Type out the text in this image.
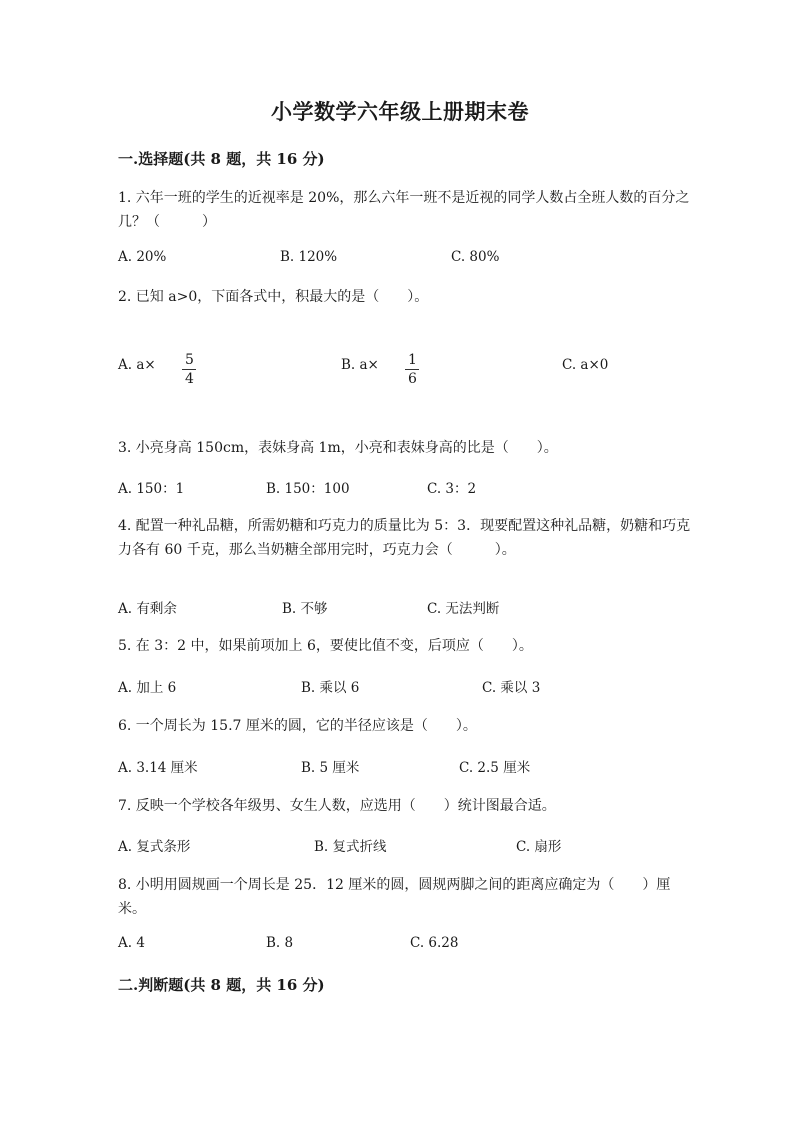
小学数学六年级上册期末卷
一.选择题(共 8 题，共 16 分)
1. 六年一班的学生的近视率是 20%，那么六年一班不是近视的同学人数占全班人数的百分之几？（　　　）
A. 20%	B. 120%	C. 80%
2. 已知 a>0，下面各式中，积最大的是（　　）。
A. a× 5
4
B. a× 1
6
C. a×0
3. 小亮身高 150cm，表妹身高 1m，小亮和表妹身高的比是（　　）。
A. 150：1	B. 150：100	C. 3：2
4. 配置一种礼品糖，所需奶糖和巧克力的质量比为 5：3．现要配置这种礼品糖，奶糖和巧克力各有 60 千克，那么当奶糖全部用完时，巧克力会（　　　）。
A. 有剩余	B. 不够	C. 无法判断
5. 在 3：2 中，如果前项加上 6，要使比值不变，后项应（　　）。
A. 加上 6	B. 乘以 6	C. 乘以 3
6. 一个周长为 15.7 厘米的圆，它的半径应该是（　　）。
A. 3.14 厘米	B. 5 厘米	C. 2.5 厘米
7. 反映一个学校各年级男、女生人数，应选用（　　）统计图最合适。
A. 复式条形	B. 复式折线	C. 扇形
8. 小明用圆规画一个周长是 25．12 厘米的圆，圆规两脚之间的距离应确定为（　　）厘米。
A. 4	B. 8	C. 6.28
二.判断题(共 8 题，共 16 分)
